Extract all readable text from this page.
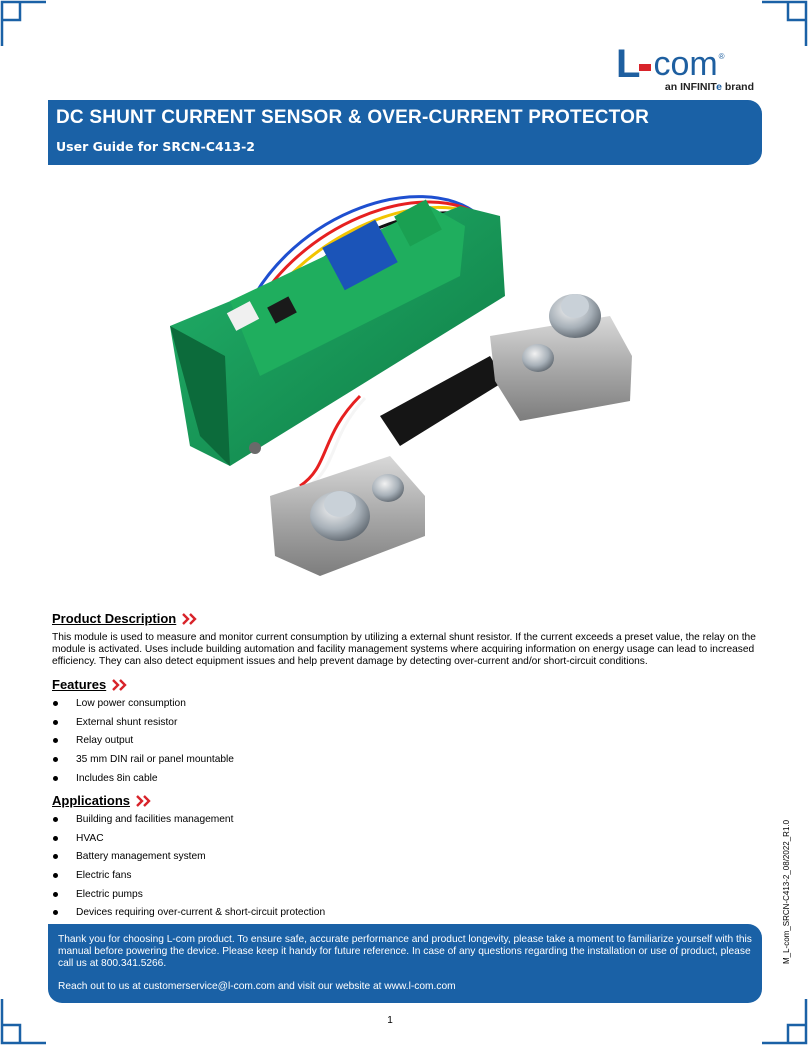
L com ®
an INFINITe brand
DC SHUNT CURRENT SENSOR & OVER-CURRENT PROTECTOR
User Guide for SRCN-C413-2
Product Description
This module is used to measure and monitor current consumption by utilizing a external shunt resistor. If the current exceeds a preset value, the relay on the module is activated. Uses include building automation and facility management systems where acquiring information on energy usage can lead to increased efficiency. They can also detect equipment issues and help prevent damage by detecting over-current and/or short-circuit conditions.
Features
Low power consumption
External shunt resistor
Relay output
35 mm DIN rail or panel mountable
Includes 8in cable
Applications
Building and facilities management
HVAC
Battery management system
Electric fans
Electric pumps
Devices requiring over-current & short-circuit protection	M_L-com_SRCN-C413-2_08/2022_R1.0
Thank you for choosing L-com product. To ensure safe, accurate performance and product longevity, please take a moment to familiarize yourself with this manual before powering the device. Please keep it handy for future reference. In case of any questions regarding the installation or use of product, please call us at 800.341.5266.
Reach out to us at customerservice@l-com.com and visit our website at www.l-com.com
1
